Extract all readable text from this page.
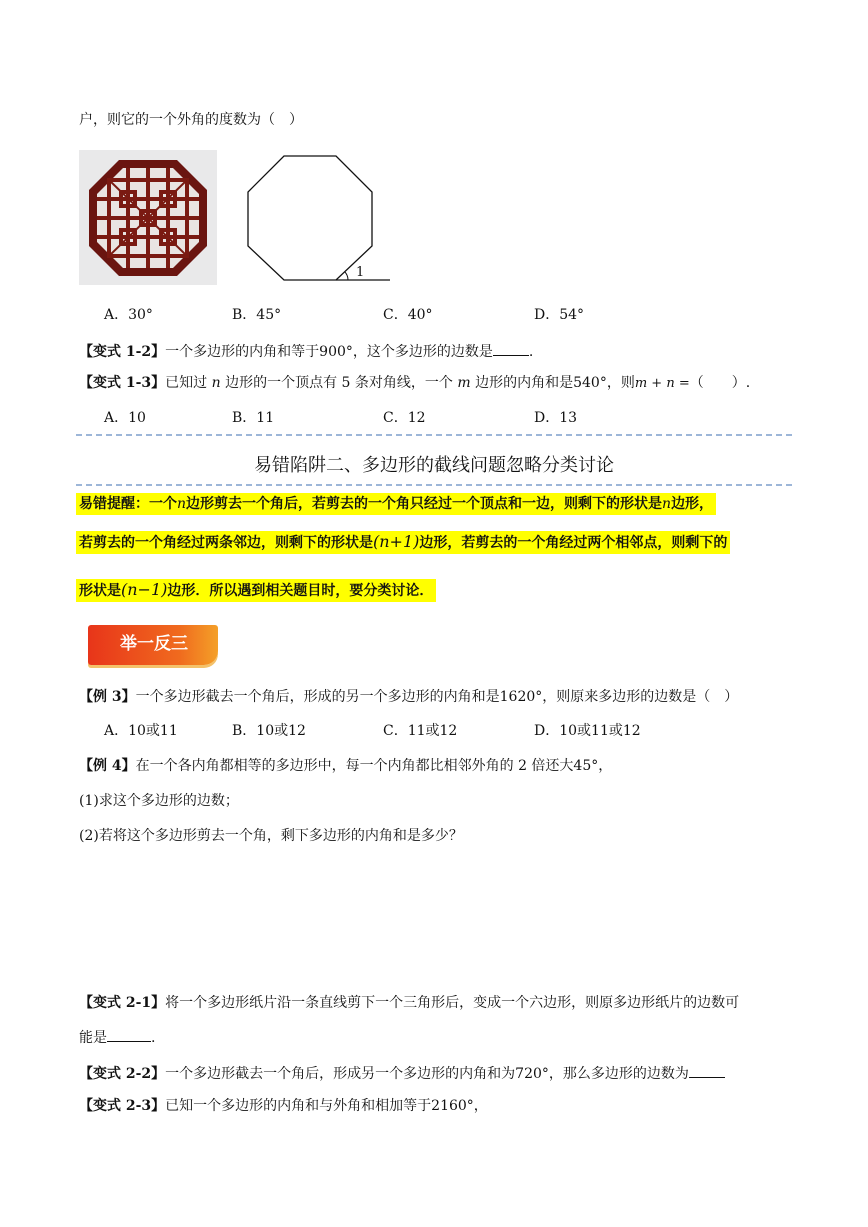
户，则它的一个外角的度数为（　）
1
A．30°	B．45°	C．40°	D．54°
【变式 1-2】一个多边形的内角和等于900°，这个多边形的边数是	.
【变式 1-3】已知过 n 边形的一个顶点有 5 条对角线，一个 m 边形的内角和是540°，则m + n =（　　）.
A．10	B．11	C．12	D．13
易错陷阱二、多边形的截线问题忽略分类讨论
易错提醒：一个n边形剪去一个角后，若剪去的一个角只经过一个顶点和一边，则剩下的形状是n边形，
若剪去的一个角经过两条邻边，则剩下的形状是(n+1)边形，若剪去的一个角经过两个相邻点，则剩下的
形状是(n−1)边形．所以遇到相关题目时，要分类讨论．
举一反三
【例 3】一个多边形截去一个角后，形成的另一个多边形的内角和是1620°，则原来多边形的边数是（　）
A．10或11	B．10或12	C．11或12	D．10或11或12
【例 4】在一个各内角都相等的多边形中，每一个内角都比相邻外角的 2 倍还大45°，
(1)求这个多边形的边数；
(2)若将这个多边形剪去一个角，剩下多边形的内角和是多少？
【变式 2-1】将一个多边形纸片沿一条直线剪下一个三角形后，变成一个六边形，则原多边形纸片的边数可
能是	.
【变式 2-2】一个多边形截去一个角后，形成另一个多边形的内角和为720°，那么多边形的边数为
【变式 2-3】已知一个多边形的内角和与外角和相加等于2160°，
